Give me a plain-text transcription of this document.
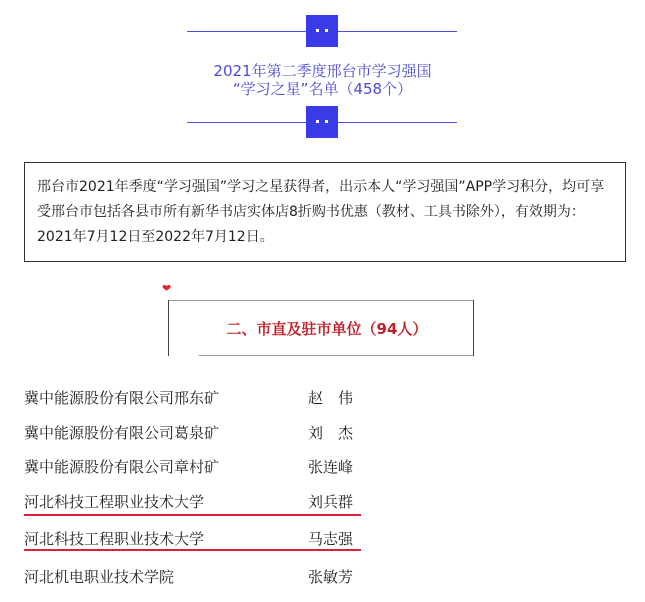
2021年第二季度邢台市学习强国
“学习之星”名单（458个）
邢台市2021年季度“学习强国”学习之星获得者，出示本人“学习强国”APP学习积分，均可享受邢台市包括各县市所有新华书店实体店8折购书优惠（教材、工具书除外），有效期为：2021年7月12日至2022年7月12日。
❤
二、市直及驻市单位（94人）
冀中能源股份有限公司邢东矿	赵　伟
冀中能源股份有限公司葛泉矿	刘　杰
冀中能源股份有限公司章村矿	张连峰
河北科技工程职业技术大学	刘兵群
河北科技工程职业技术大学	马志强
河北机电职业技术学院	张敏芳
